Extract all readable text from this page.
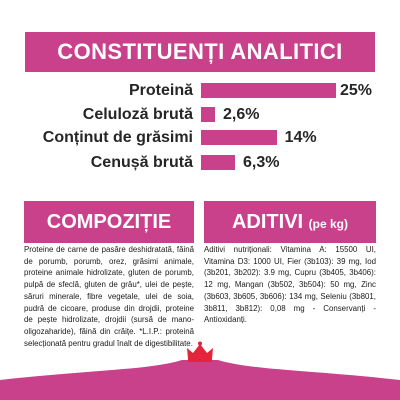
CONSTITUENȚI ANALITICI
Proteină	25%
Celuloză brută 2,6%
Conținut de grăsimi	14%
Cenușă brută	6,3%
COMPOZIȚIE	ADITIVI (pe kg)
Proteine de carne de pasăre deshidratată, făină de porumb, porumb, orez, grăsimi animale, proteine animale hidrolizate, gluten de porumb, pulpă de sfeclă, gluten de grâu*, ulei de pește, săruri minerale, fibre vegetale, ulei de soia, pudră de cicoare, produse din drojdii, proteine de pește hidrolizate, drojdii (sursă de mano-oligozaharide), făină din crăițe. *L.I.P.: proteină selecționată pentru gradul înalt de digestibilitate.
Aditivi nutriționali: Vitamina A: 15500 UI, Vitamina D3: 1000 UI, Fier (3b103): 39 mg, Iod (3b201, 3b202): 3.9 mg, Cupru (3b405, 3b406): 12 mg, Mangan (3b502, 3b504): 50 mg, Zinc (3b603, 3b605, 3b606): 134 mg, Seleniu (3b801, 3b811, 3b812): 0,08 mg - Conservanți - Antioxidanți.
